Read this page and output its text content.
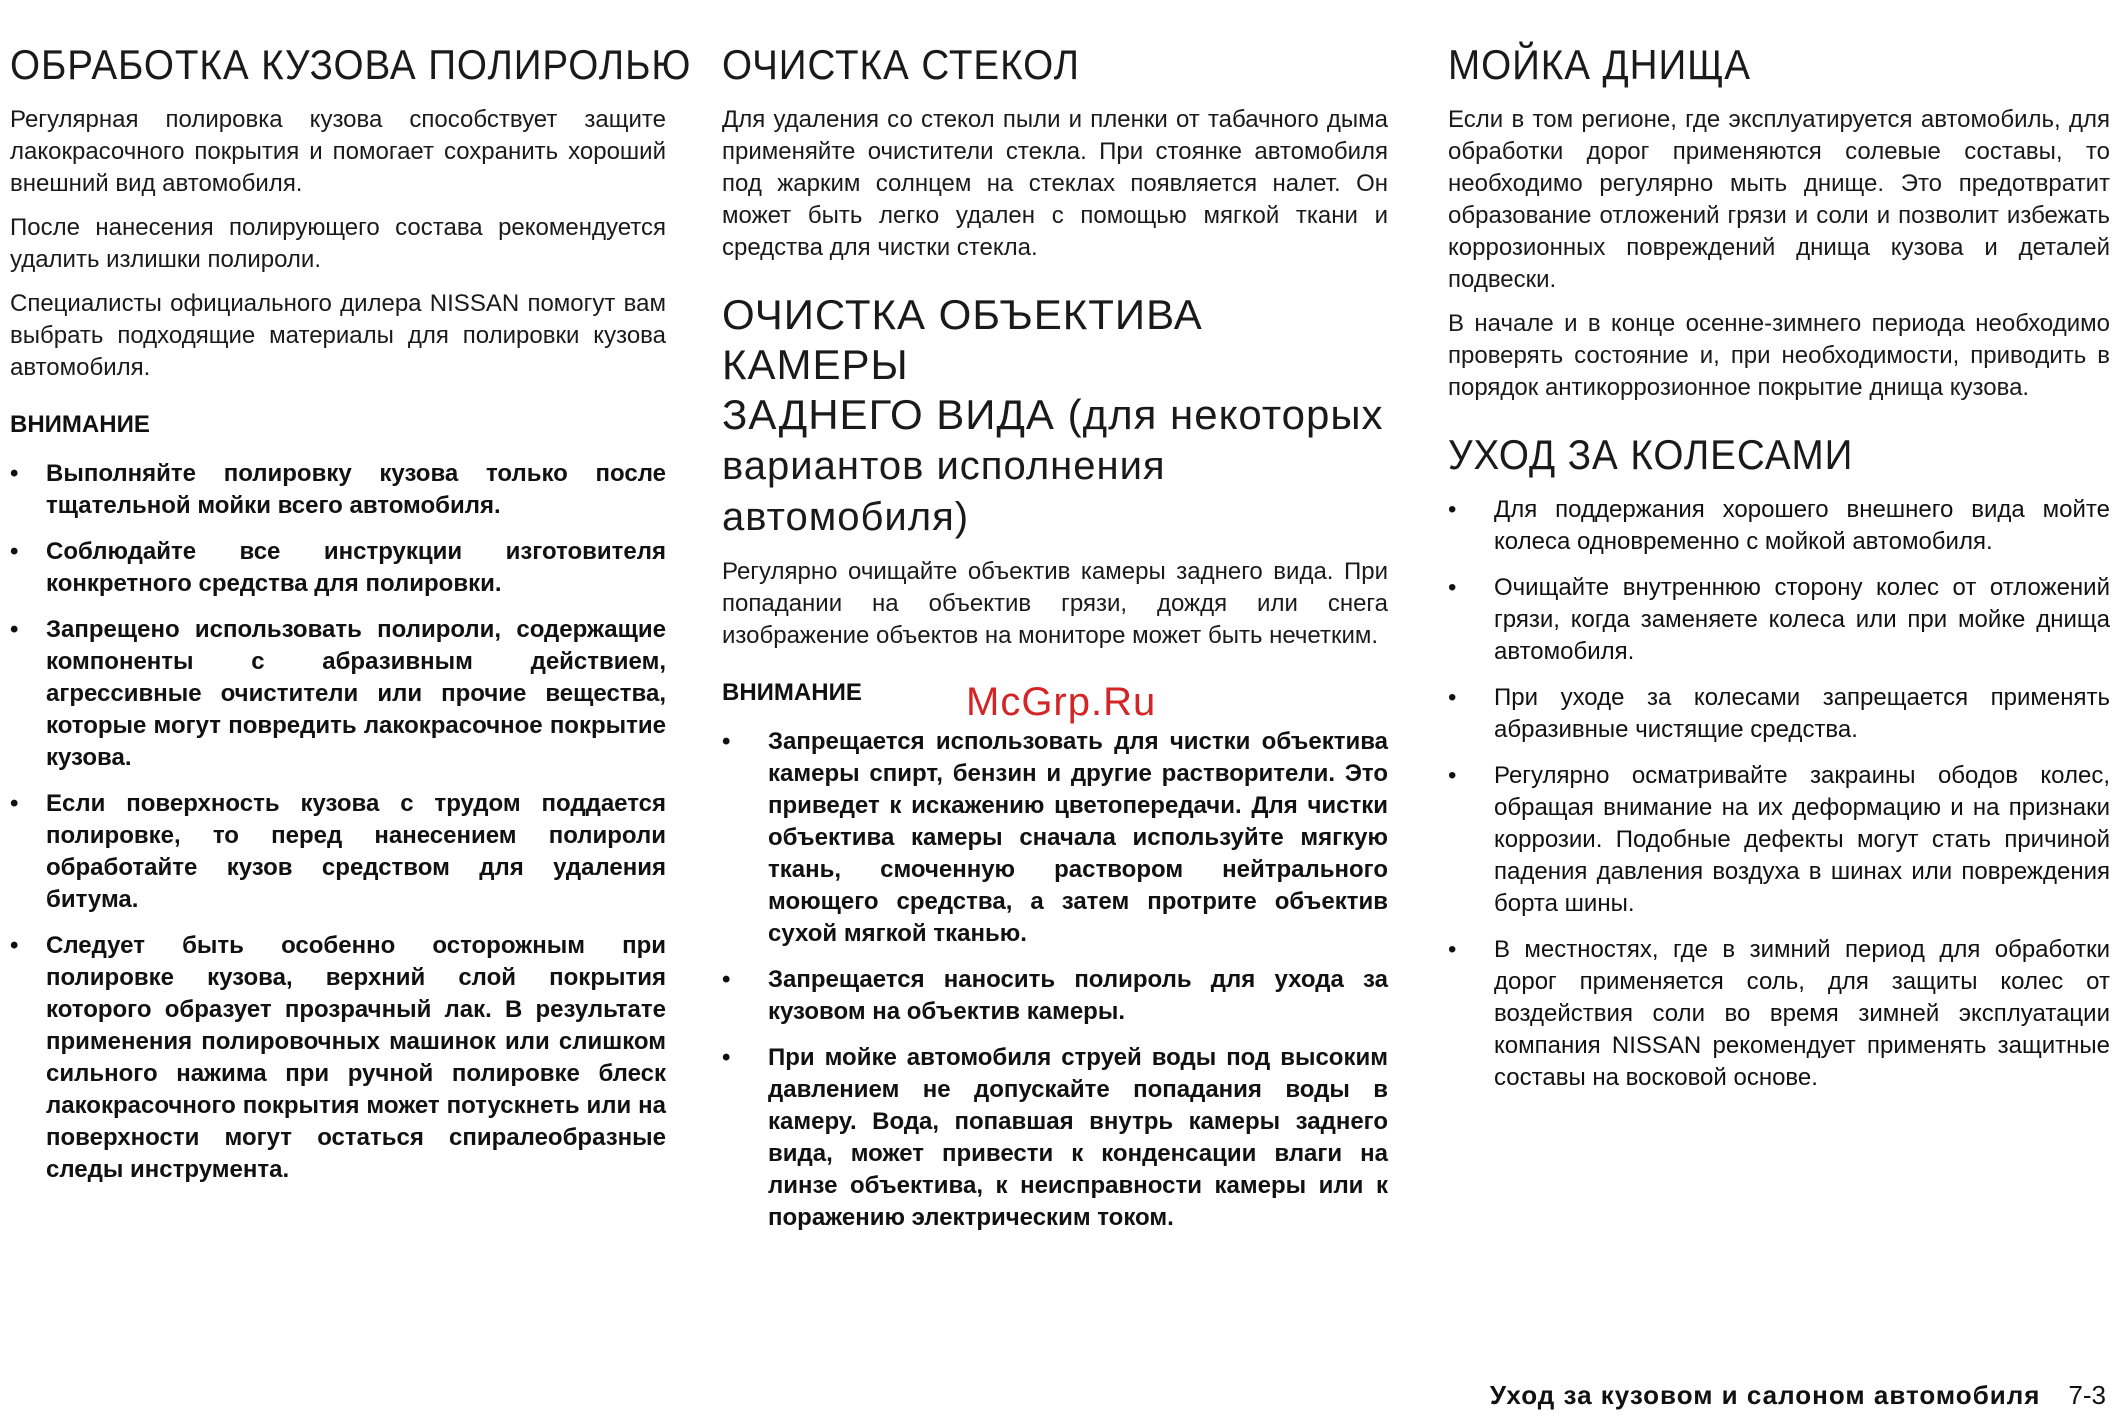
ОБРАБОТКА КУЗОВА ПОЛИРОЛЬЮ

Регулярная полировка кузова способствует защите лакокрасочного покрытия и помогает сохранить хороший внешний вид автомобиля.

После нанесения полирующего состава рекомендуется удалить излишки полироли.

Специалисты официального дилера NISSAN помогут вам выбрать подходящие материалы для полировки кузова автомобиля.

ВНИМАНИЕ
• Выполняйте полировку кузова только после тщательной мойки всего автомобиля.
• Соблюдайте все инструкции изготовителя конкретного средства для полировки.
• Запрещено использовать полироли, содержащие компоненты с абразивным действием, агрессивные очистители или прочие вещества, которые могут повредить лакокрасочное покрытие кузова.
• Если поверхность кузова с трудом поддается полировке, то перед нанесением полироли обработайте кузов средством для удаления битума.
• Следует быть особенно осторожным при полировке кузова, верхний слой покрытия которого образует прозрачный лак. В результате применения полировочных машинок или слишком сильного нажима при ручной полировке блеск лакокрасочного покрытия может потускнеть или на поверхности могут остаться спиралеобразные следы инструмента.
ОЧИСТКА СТЕКОЛ

Для удаления со стекол пыли и пленки от табачного дыма применяйте очистители стекла. При стоянке автомобиля под жарким солнцем на стеклах появляется налет. Он может быть легко удален с помощью мягкой ткани и средства для чистки стекла.

ОЧИСТКА ОБЪЕКТИВА КАМЕРЫ
ЗАДНЕГО ВИДА (для некоторых
вариантов исполнения автомобиля)

Регулярно очищайте объектив камеры заднего вида. При попадании на объектив грязи, дождя или снега изображение объектов на мониторе может быть нечетким.

ВНИМАНИЕ
• Запрещается использовать для чистки объектива камеры спирт, бензин и другие растворители. Это приведет к искажению цветопередачи. Для чистки объектива камеры сначала используйте мягкую ткань, смоченную раствором нейтрального моющего средства, а затем протрите объектив сухой мягкой тканью.
• Запрещается наносить полироль для ухода за кузовом на объектив камеры.
• При мойке автомобиля струей воды под высоким давлением не допускайте попадания воды в камеру. Вода, попавшая внутрь камеры заднего вида, может привести к конденсации влаги на линзе объектива, к неисправности камеры или к поражению электрическим током.
МОЙКА ДНИЩА

Если в том регионе, где эксплуатируется автомобиль, для обработки дорог применяются солевые составы, то необходимо регулярно мыть днище. Это предотвратит образование отложений грязи и соли и позволит избежать коррозионных повреждений днища кузова и деталей подвески.

В начале и в конце осенне-зимнего периода необходимо проверять состояние и, при необходимости, приводить в порядок антикоррозионное покрытие днища кузова.

УХОД ЗА КОЛЕСАМИ
• Для поддержания хорошего внешнего вида мойте колеса одновременно с мойкой автомобиля.
• Очищайте внутреннюю сторону колес от отложений грязи, когда заменяете колеса или при мойке днища автомобиля.
• При уходе за колесами запрещается применять абразивные чистящие средства.
• Регулярно осматривайте закраины ободов колес, обращая внимание на их деформацию и на признаки коррозии. Подобные дефекты могут стать причиной падения давления воздуха в шинах или повреждения борта шины.
• В местностях, где в зимний период для обработки дорог применяется соль, для защиты колес от воздействия соли во время зимней эксплуатации компания NISSAN рекомендует применять защитные составы на восковой основе.
McGrp.Ru
Уход за кузовом и салоном автомобиля 7-3
